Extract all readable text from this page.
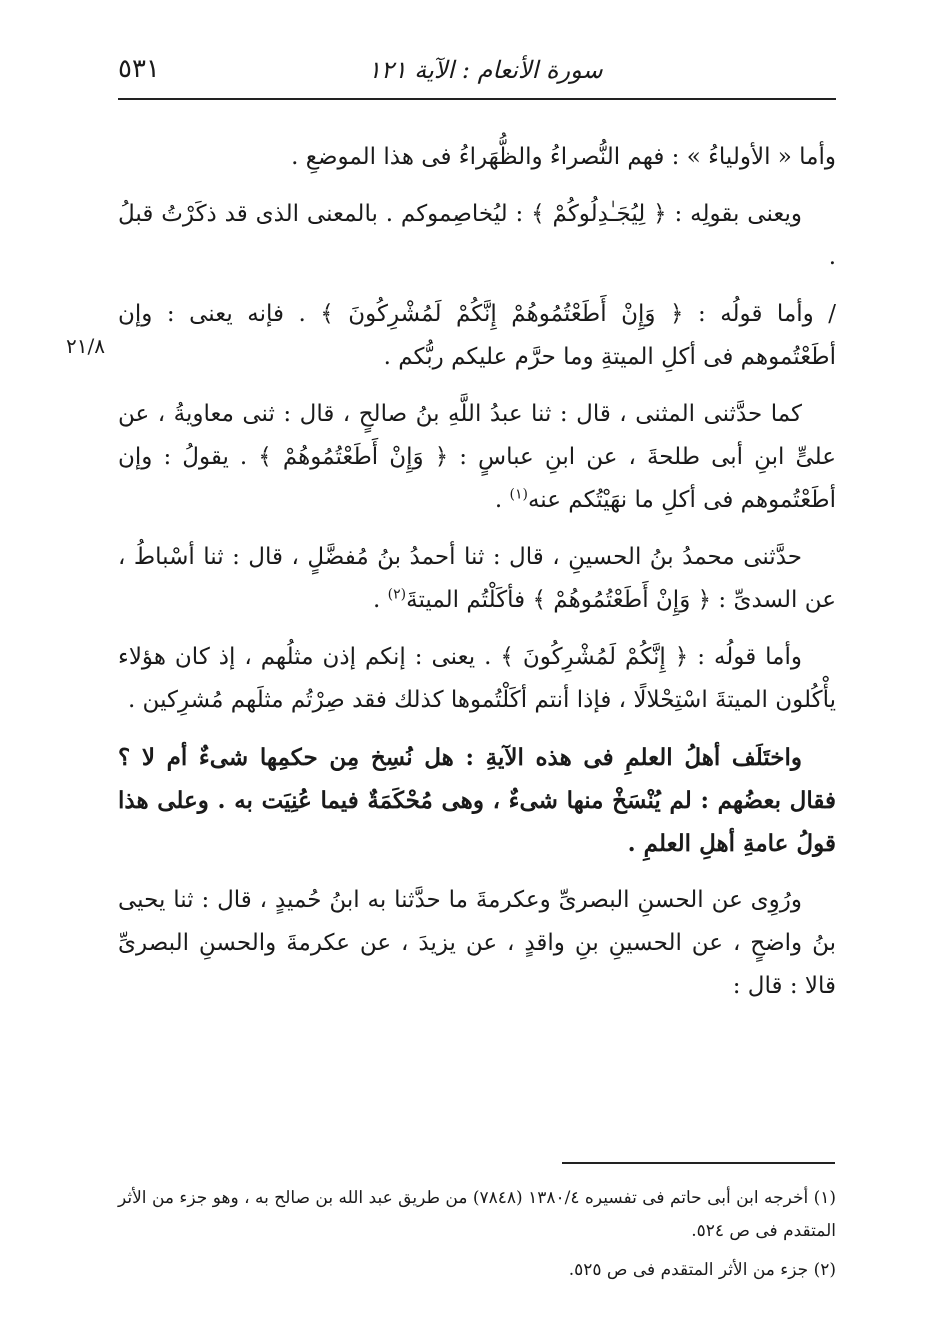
٥٣١	سورة الأنعام : الآية ١٢١
٢١/٨

وأما « الأولياءُ » : فهم النُّصراءُ والظُّهَراءُ فى هذا الموضعِ .

ويعنى بقولِه : ﴿ لِيُجَـٰدِلُوكُمْ ﴾ : ليُخاصِموكم . بالمعنى الذى قد ذكَرْتُ قبلُ .

/ وأما قولُه : ﴿ وَإِنْ أَطَعْتُمُوهُمْ إِنَّكُمْ لَمُشْرِكُونَ ﴾ . فإنه يعنى : وإن أطَعْتُموهم فى أكلِ الميتةِ وما حرَّم عليكم ربُّكم .

كما حدَّثنى المثنى ، قال : ثنا عبدُ اللَّهِ بنُ صالحٍ ، قال : ثنى معاويةُ ، عن علىٍّ ابنِ أبى طلحةَ ، عن ابنِ عباسٍ : ﴿ وَإِنْ أَطَعْتُمُوهُمْ ﴾ . يقولُ : وإن أطَعْتُموهم فى أكلِ ما نهَيْتُكم عنه$^{(١)}$ .

حدَّثنى محمدُ بنُ الحسينِ ، قال : ثنا أحمدُ بنُ مُفضَّلٍ ، قال : ثنا أسْباطُ ، عن السدىِّ : ﴿ وَإِنْ أَطَعْتُمُوهُمْ ﴾ فأكَلْتُم الميتةَ$^{(٢)}$ .

وأما قولُه : ﴿ إِنَّكُمْ لَمُشْرِكُونَ ﴾ . يعنى : إنكم إذن مثلُهم ، إذ كان هؤلاء يأْكُلون الميتةَ اسْتِحْلالًا ، فإذا أنتم أكَلْتُموها كذلك فقد صِرْتُم مثلَهم مُشرِكين .

واختَلَف أهلُ العلمِ فى هذه الآيةِ : هل نُسِخ مِن حكمِها شىءٌ أم لا ؟ فقال بعضُهم : لم يُنْسَخْ منها شىءٌ ، وهى مُحْكَمَةٌ فيما عُنِيَت به . وعلى هذا قولُ عامةِ أهلِ العلمِ .

ورُوِى عن الحسنِ البصرىِّ وعكرمةَ ما حدَّثنا به ابنُ حُميدٍ ، قال : ثنا يحيى بنُ واضحٍ ، عن الحسينِ بنِ واقدٍ ، عن يزيدَ ، عن عكرمةَ والحسنِ البصرىِّ قالا : قال :

(١) أخرجه ابن أبى حاتم فى تفسيره ١٣٨٠/٤ (٧٨٤٨) من طريق عبد الله بن صالح به ، وهو جزء من الأثر المتقدم فى ص ٥٢٤.

(٢) جزء من الأثر المتقدم فى ص ٥٢٥.
